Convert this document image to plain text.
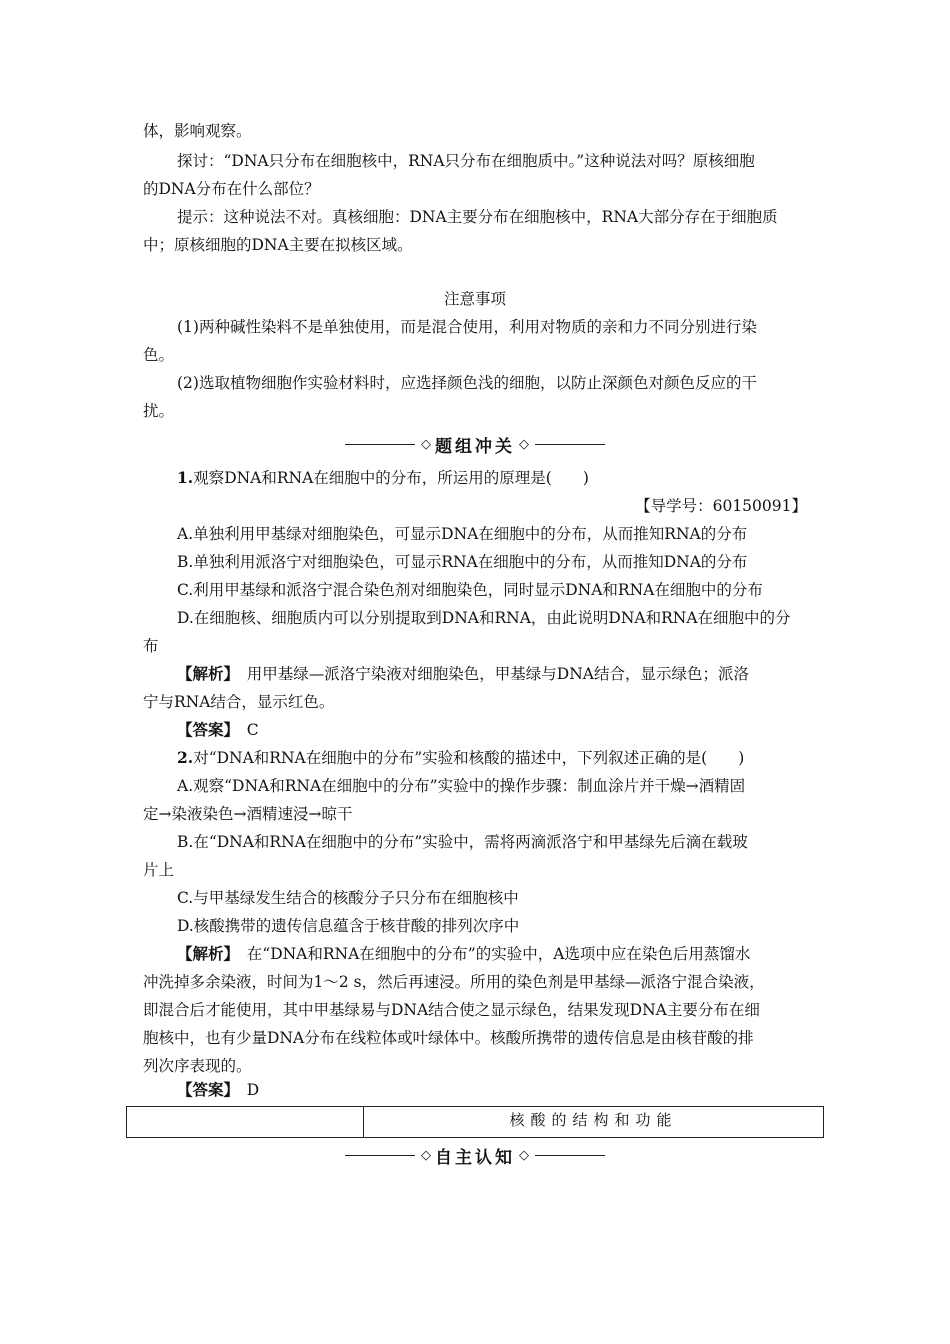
体，影响观察。
探讨：“DNA只分布在细胞核中，RNA只分布在细胞质中。”这种说法对吗？原核细胞
的DNA分布在什么部位？
提示：这种说法不对。真核细胞：DNA主要分布在细胞核中，RNA大部分存在于细胞质
中；原核细胞的DNA主要在拟核区域。
注意事项
(1)两种碱性染料不是单独使用，而是混合使用，利用对物质的亲和力不同分别进行染
色。
(2)选取植物细胞作实验材料时，应选择颜色浅的细胞，以防止深颜色对颜色反应的干
扰。
◇ 题组冲关 ◇
1.观察DNA和RNA在细胞中的分布，所运用的原理是(　　)
【导学号：60150091】
A.单独利用甲基绿对细胞染色，可显示DNA在细胞中的分布，从而推知RNA的分布
B.单独利用派洛宁对细胞染色，可显示RNA在细胞中的分布，从而推知DNA的分布
C.利用甲基绿和派洛宁混合染色剂对细胞染色，同时显示DNA和RNA在细胞中的分布
D.在细胞核、细胞质内可以分别提取到DNA和RNA，由此说明DNA和RNA在细胞中的分
布
【解析】　用甲基绿—派洛宁染液对细胞染色，甲基绿与DNA结合，显示绿色；派洛
宁与RNA结合，显示红色。
【答案】　C
2.对“DNA和RNA在细胞中的分布”实验和核酸的描述中，下列叙述正确的是(　　)
A.观察“DNA和RNA在细胞中的分布”实验中的操作步骤：制血涂片并干燥→酒精固
定→染液染色→酒精速浸→晾干
B.在“DNA和RNA在细胞中的分布”实验中，需将两滴派洛宁和甲基绿先后滴在载玻
片上
C.与甲基绿发生结合的核酸分子只分布在细胞核中
D.核酸携带的遗传信息蕴含于核苷酸的排列次序中
【解析】　在“DNA和RNA在细胞中的分布”的实验中，A选项中应在染色后用蒸馏水
冲洗掉多余染液，时间为1～2 s，然后再速浸。所用的染色剂是甲基绿—派洛宁混合染液，
即混合后才能使用，其中甲基绿易与DNA结合使之显示绿色，结果发现DNA主要分布在细
胞核中，也有少量DNA分布在线粒体或叶绿体中。核酸所携带的遗传信息是由核苷酸的排
列次序表现的。
【答案】　D
核酸的结构和功能
◇ 自主认知 ◇
